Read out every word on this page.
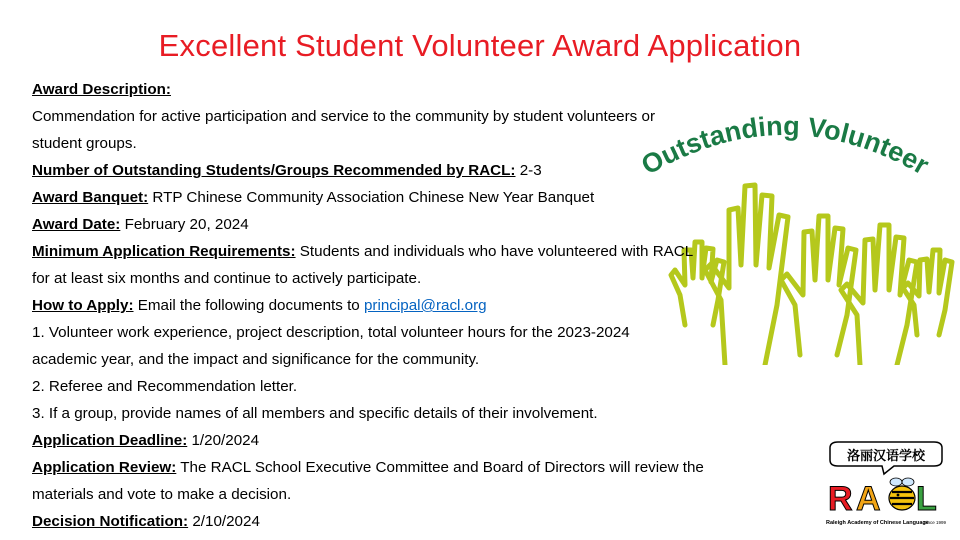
Excellent Student Volunteer Award Application
Outstanding Volunteer
Award Description:
Commendation for active participation and service to the community by student volunteers or
student groups.
Number of Outstanding Students/Groups Recommended by RACL: 2-3
Award Banquet: RTP Chinese Community Association Chinese New Year Banquet
Award Date: February 20, 2024
Minimum Application Requirements: Students and individuals who have volunteered with RACL
for at least six months and continue to actively participate.
How to Apply: Email the following documents to principal@racl.org
1. Volunteer work experience, project description, total volunteer hours for the 2023-2024
academic year, and the impact and significance for the community.
2. Referee and Recommendation letter.
3. If a group, provide names of all members and specific details of their involvement.
Application Deadline: 1/20/2024
Application Review: The RACL School Executive Committee and Board of Directors will review the
materials and vote to make a decision.
Decision Notification: 2/10/2024
洛丽汉语学校
R A L
Raleigh Academy of Chinese Language
Since 1999
